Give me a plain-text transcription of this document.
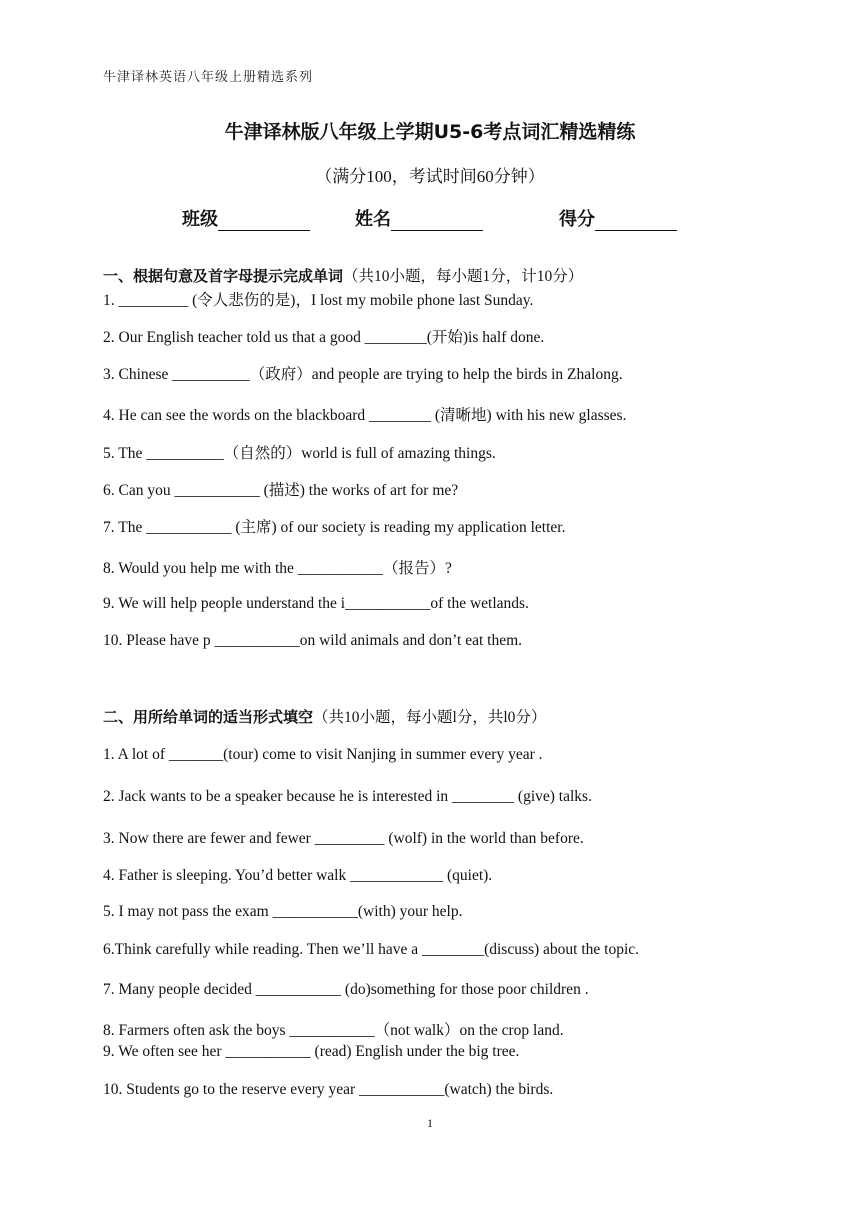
牛津译林英语八年级上册精选系列
牛津译林版八年级上学期U5-6考点词汇精选精练
（满分100，考试时间60分钟）
班级	姓名	得分
一、根据句意及首字母提示完成单词（共10小题，每小题1分，计10分）
1. _________ (令人悲伤的是)，I lost my mobile phone last Sunday.
2. Our English teacher told us that a good ________(开始)is half done.
3. Chinese __________（政府）and people are trying to help the birds in Zhalong.
4. He can see the words on the blackboard ________ (清晰地) with his new glasses.
5. The __________（自然的）world is full of amazing things.
6. Can you ___________ (描述) the works of art for me?
7. The ___________ (主席) of our society is reading my application letter.
8. Would you help me with the ___________（报告）?
9. We will help people understand the i___________of the wetlands.
10. Please have p ___________on wild animals and don’t eat them.
二、用所给单词的适当形式填空（共10小题，每小题l分，共l0分）
1. A lot of _______(tour) come to visit Nanjing in summer every year .
2. Jack wants to be a speaker because he is interested in ________ (give) talks.
3. Now there are fewer and fewer _________ (wolf) in the world than before.
4. Father is sleeping. You’d better walk ____________ (quiet).
5. I may not pass the exam ___________(with) your help.
6.Think carefully while reading. Then we’ll have a ________(discuss) about the topic.
7. Many people decided ___________ (do)something for those poor children .
8. Farmers often ask the boys ___________（not walk）on the crop land.
9. We often see her ___________ (read) English under the big tree.
10. Students go to the reserve every year ___________(watch) the birds.
1
